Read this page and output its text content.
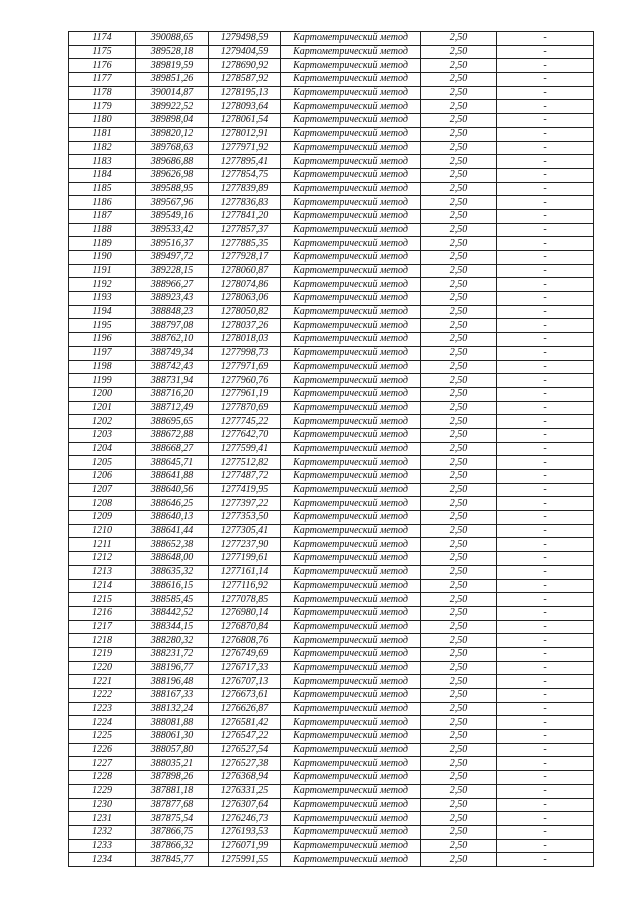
1174	390088,65	1279498,59	Картометрический метод	2,50	-
1175	389528,18	1279404,59	Картометрический метод	2,50	-
1176	389819,59	1278690,92	Картометрический метод	2,50	-
1177	389851,26	1278587,92	Картометрический метод	2,50	-
1178	390014,87	1278195,13	Картометрический метод	2,50	-
1179	389922,52	1278093,64	Картометрический метод	2,50	-
1180	389898,04	1278061,54	Картометрический метод	2,50	-
1181	389820,12	1278012,91	Картометрический метод	2,50	-
1182	389768,63	1277971,92	Картометрический метод	2,50	-
1183	389686,88	1277895,41	Картометрический метод	2,50	-
1184	389626,98	1277854,75	Картометрический метод	2,50	-
1185	389588,95	1277839,89	Картометрический метод	2,50	-
1186	389567,96	1277836,83	Картометрический метод	2,50	-
1187	389549,16	1277841,20	Картометрический метод	2,50	-
1188	389533,42	1277857,37	Картометрический метод	2,50	-
1189	389516,37	1277885,35	Картометрический метод	2,50	-
1190	389497,72	1277928,17	Картометрический метод	2,50	-
1191	389228,15	1278060,87	Картометрический метод	2,50	-
1192	388966,27	1278074,86	Картометрический метод	2,50	-
1193	388923,43	1278063,06	Картометрический метод	2,50	-
1194	388848,23	1278050,82	Картометрический метод	2,50	-
1195	388797,08	1278037,26	Картометрический метод	2,50	-
1196	388762,10	1278018,03	Картометрический метод	2,50	-
1197	388749,34	1277998,73	Картометрический метод	2,50	-
1198	388742,43	1277971,69	Картометрический метод	2,50	-
1199	388731,94	1277960,76	Картометрический метод	2,50	-
1200	388716,20	1277961,19	Картометрический метод	2,50	-
1201	388712,49	1277870,69	Картометрический метод	2,50	-
1202	388695,65	1277745,22	Картометрический метод	2,50	-
1203	388672,88	1277642,70	Картометрический метод	2,50	-
1204	388668,27	1277599,41	Картометрический метод	2,50	-
1205	388645,71	1277512,82	Картометрический метод	2,50	-
1206	388641,88	1277487,72	Картометрический метод	2,50	-
1207	388640,56	1277419,95	Картометрический метод	2,50	-
1208	388646,25	1277397,22	Картометрический метод	2,50	-
1209	388640,13	1277353,50	Картометрический метод	2,50	-
1210	388641,44	1277305,41	Картометрический метод	2,50	-
1211	388652,38	1277237,90	Картометрический метод	2,50	-
1212	388648,00	1277199,61	Картометрический метод	2,50	-
1213	388635,32	1277161,14	Картометрический метод	2,50	-
1214	388616,15	1277116,92	Картометрический метод	2,50	-
1215	388585,45	1277078,85	Картометрический метод	2,50	-
1216	388442,52	1276980,14	Картометрический метод	2,50	-
1217	388344,15	1276870,84	Картометрический метод	2,50	-
1218	388280,32	1276808,76	Картометрический метод	2,50	-
1219	388231,72	1276749,69	Картометрический метод	2,50	-
1220	388196,77	1276717,33	Картометрический метод	2,50	-
1221	388196,48	1276707,13	Картометрический метод	2,50	-
1222	388167,33	1276673,61	Картометрический метод	2,50	-
1223	388132,24	1276626,87	Картометрический метод	2,50	-
1224	388081,88	1276581,42	Картометрический метод	2,50	-
1225	388061,30	1276547,22	Картометрический метод	2,50	-
1226	388057,80	1276527,54	Картометрический метод	2,50	-
1227	388035,21	1276527,38	Картометрический метод	2,50	-
1228	387898,26	1276368,94	Картометрический метод	2,50	-
1229	387881,18	1276331,25	Картометрический метод	2,50	-
1230	387877,68	1276307,64	Картометрический метод	2,50	-
1231	387875,54	1276246,73	Картометрический метод	2,50	-
1232	387866,75	1276193,53	Картометрический метод	2,50	-
1233	387866,32	1276071,99	Картометрический метод	2,50	-
1234	387845,77	1275991,55	Картометрический метод	2,50	-
